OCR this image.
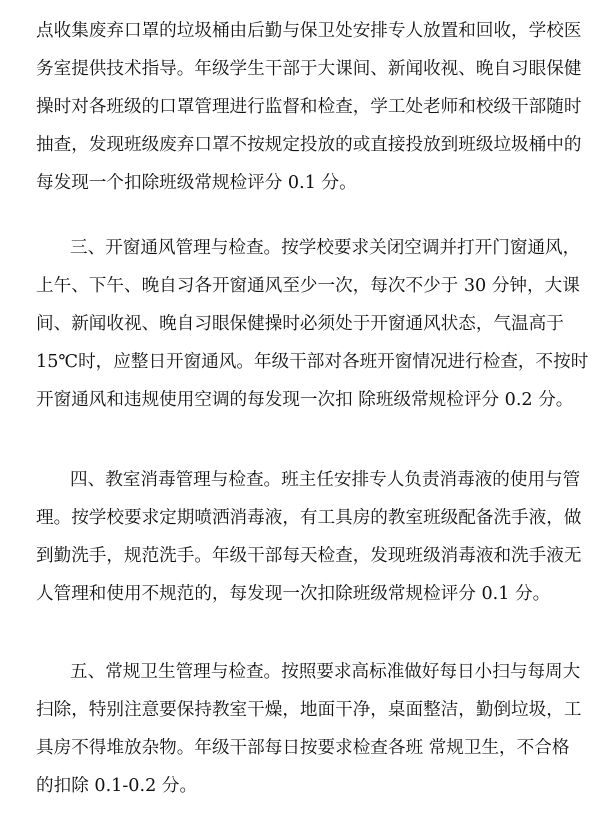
点收集废弃口罩的垃圾桶由后勤与保卫处安排专人放置和回收，学校医
务室提供技术指导。年级学生干部于大课间、新闻收视、晚自习眼保健
操时对各班级的口罩管理进行监督和检查，学工处老师和校级干部随时
抽查，发现班级废弃口罩不按规定投放的或直接投放到班级垃圾桶中的
每发现一个扣除班级常规检评分 0.1 分。
三、开窗通风管理与检查。按学校要求关闭空调并打开门窗通风，
上午、下午、晚自习各开窗通风至少一次，每次不少于 30 分钟，大课
间、新闻收视、晚自习眼保健操时必须处于开窗通风状态，气温高于
15℃时，应整日开窗通风。年级干部对各班开窗情况进行检查，不按时
开窗通风和违规使用空调的每发现一次扣 除班级常规检评分 0.2 分。
四、教室消毒管理与检查。班主任安排专人负责消毒液的使用与管
理。按学校要求定期喷洒消毒液，有工具房的教室班级配备洗手液，做
到勤洗手，规范洗手。年级干部每天检查，发现班级消毒液和洗手液无
人管理和使用不规范的，每发现一次扣除班级常规检评分 0.1 分。
五、常规卫生管理与检查。按照要求高标准做好每日小扫与每周大
扫除，特别注意要保持教室干燥，地面干净，桌面整洁，勤倒垃圾，工
具房不得堆放杂物。年级干部每日按要求检查各班 常规卫生，不合格
的扣除 0.1-0.2 分。
